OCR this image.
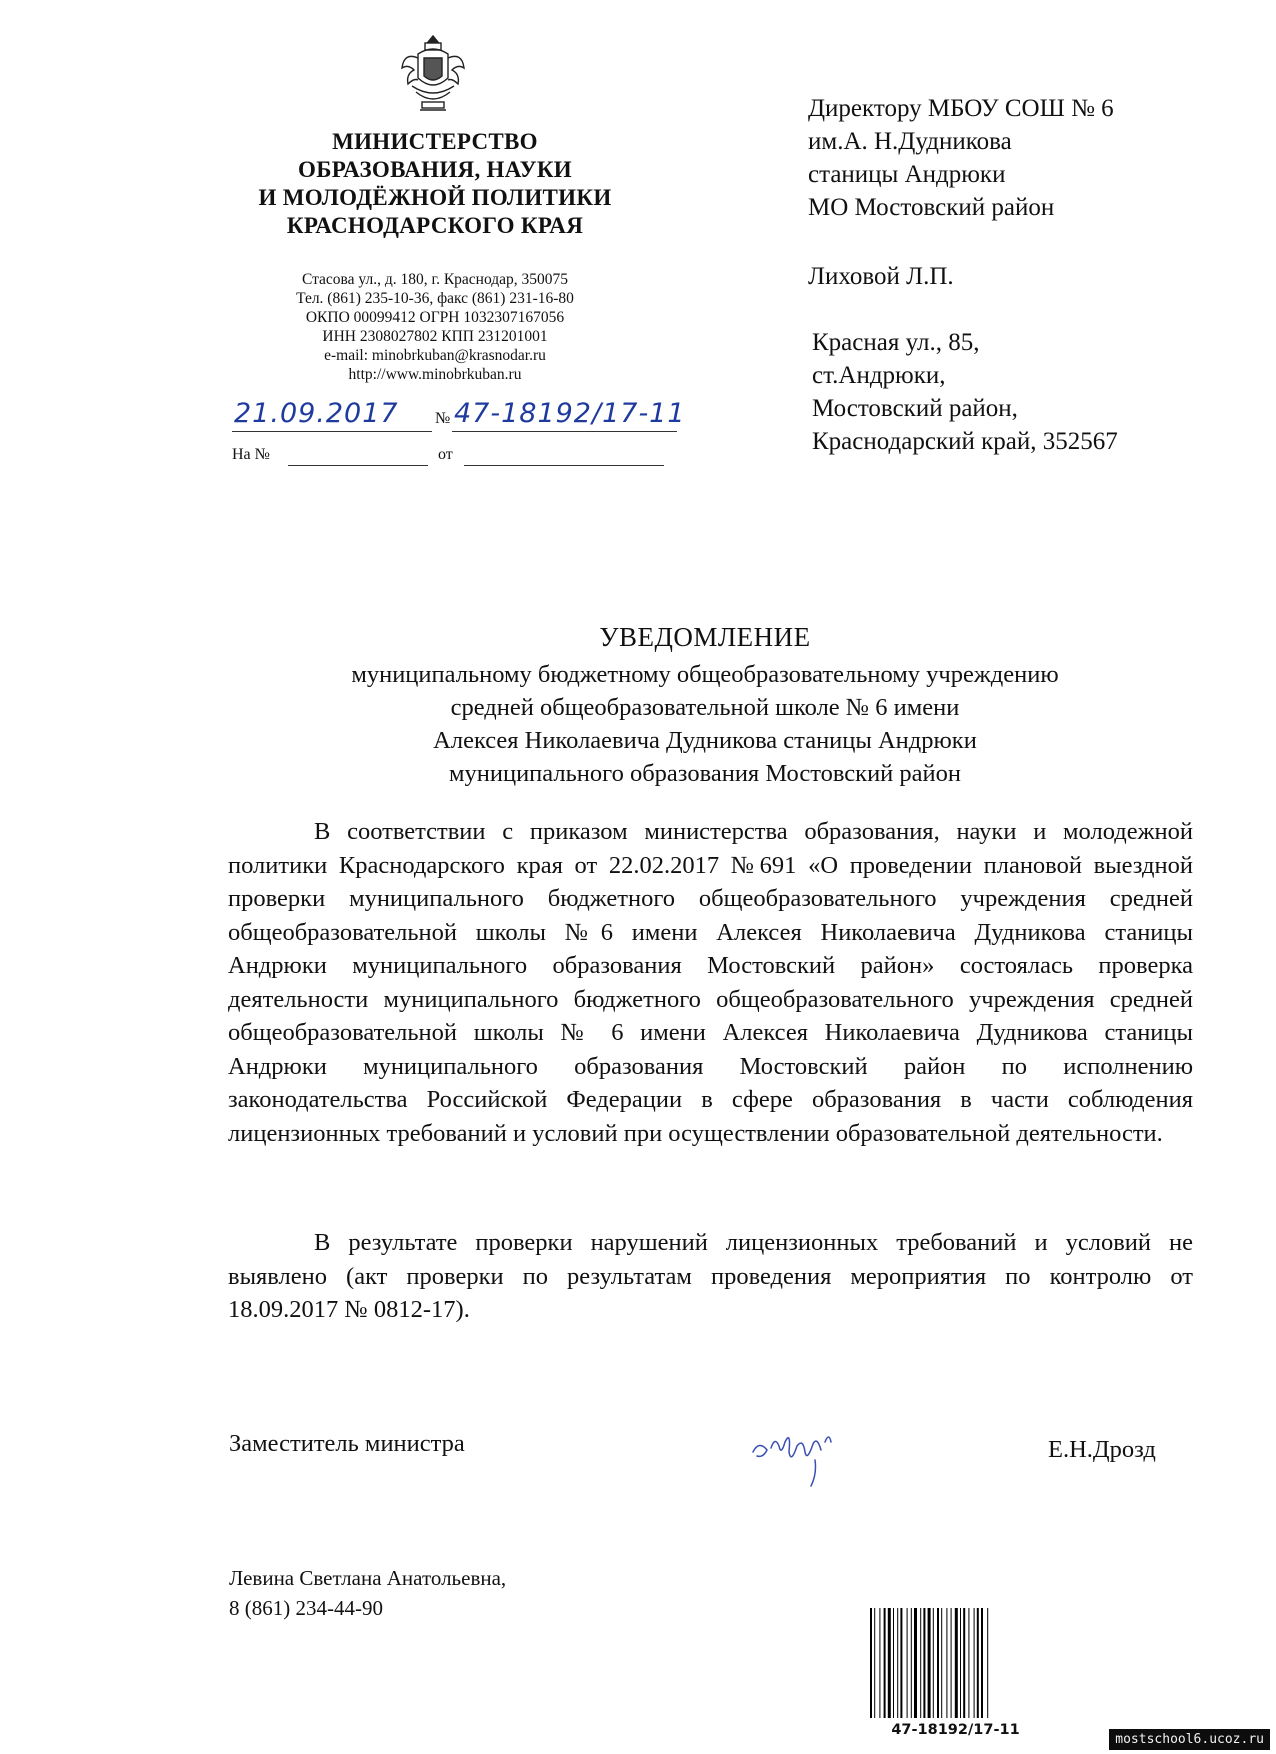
МИНИСТЕРСТВО
ОБРАЗОВАНИЯ, НАУКИ
И МОЛОДЁЖНОЙ ПОЛИТИКИ
КРАСНОДАРСКОГО КРАЯ
Стасова ул., д. 180, г. Краснодар, 350075
Тел. (861) 235-10-36, факс (861) 231-16-80
ОКПО 00099412 ОГРН 1032307167056
ИНН 2308027802 КПП 231201001
e-mail: minobrkuban@krasnodar.ru
http://www.minobrkuban.ru
21.09.2017 № 47-18192/17-11
На №	от
Директору МБОУ СОШ № 6
им.А. Н.Дудникова
станицы Андрюки
МО Мостовский район
Лиховой Л.П.
Красная ул., 85,
ст.Андрюки,
Мостовский район,
Краснодарский край, 352567
УВЕДОМЛЕНИЕ
муниципальному бюджетному общеобразовательному учреждению
средней общеобразовательной школе № 6 имени
Алексея Николаевича Дудникова станицы Андрюки
муниципального образования Мостовский район

В соответствии с приказом министерства образования, науки и молодежной политики Краснодарского края от 22.02.2017 №691 «О проведении плановой выездной проверки муниципального бюджетного общеобразовательного учреждения средней общеобразовательной школы №6 имени Алексея Николаевича Дудникова станицы Андрюки муниципального образования Мостовский район» состоялась проверка деятельности муниципального бюджетного общеобразовательного учреждения средней общеобразовательной школы № 6 имени Алексея Николаевича Дудникова станицы Андрюки муниципального образования Мостовский район по исполнению законодательства Российской Федерации в сфере образования в части соблюдения лицензионных требований и условий при осуществлении образовательной деятельности.

В результате проверки нарушений лицензионных требований и условий не выявлено (акт проверки по результатам проведения мероприятия по контролю от 18.09.2017 № 0812-17).

Заместитель министра	Е.Н.Дрозд
Левина Светлана Анатольевна,
8 (861) 234-44-90
47-18192/17-11
mostschool6.ucoz.ru
